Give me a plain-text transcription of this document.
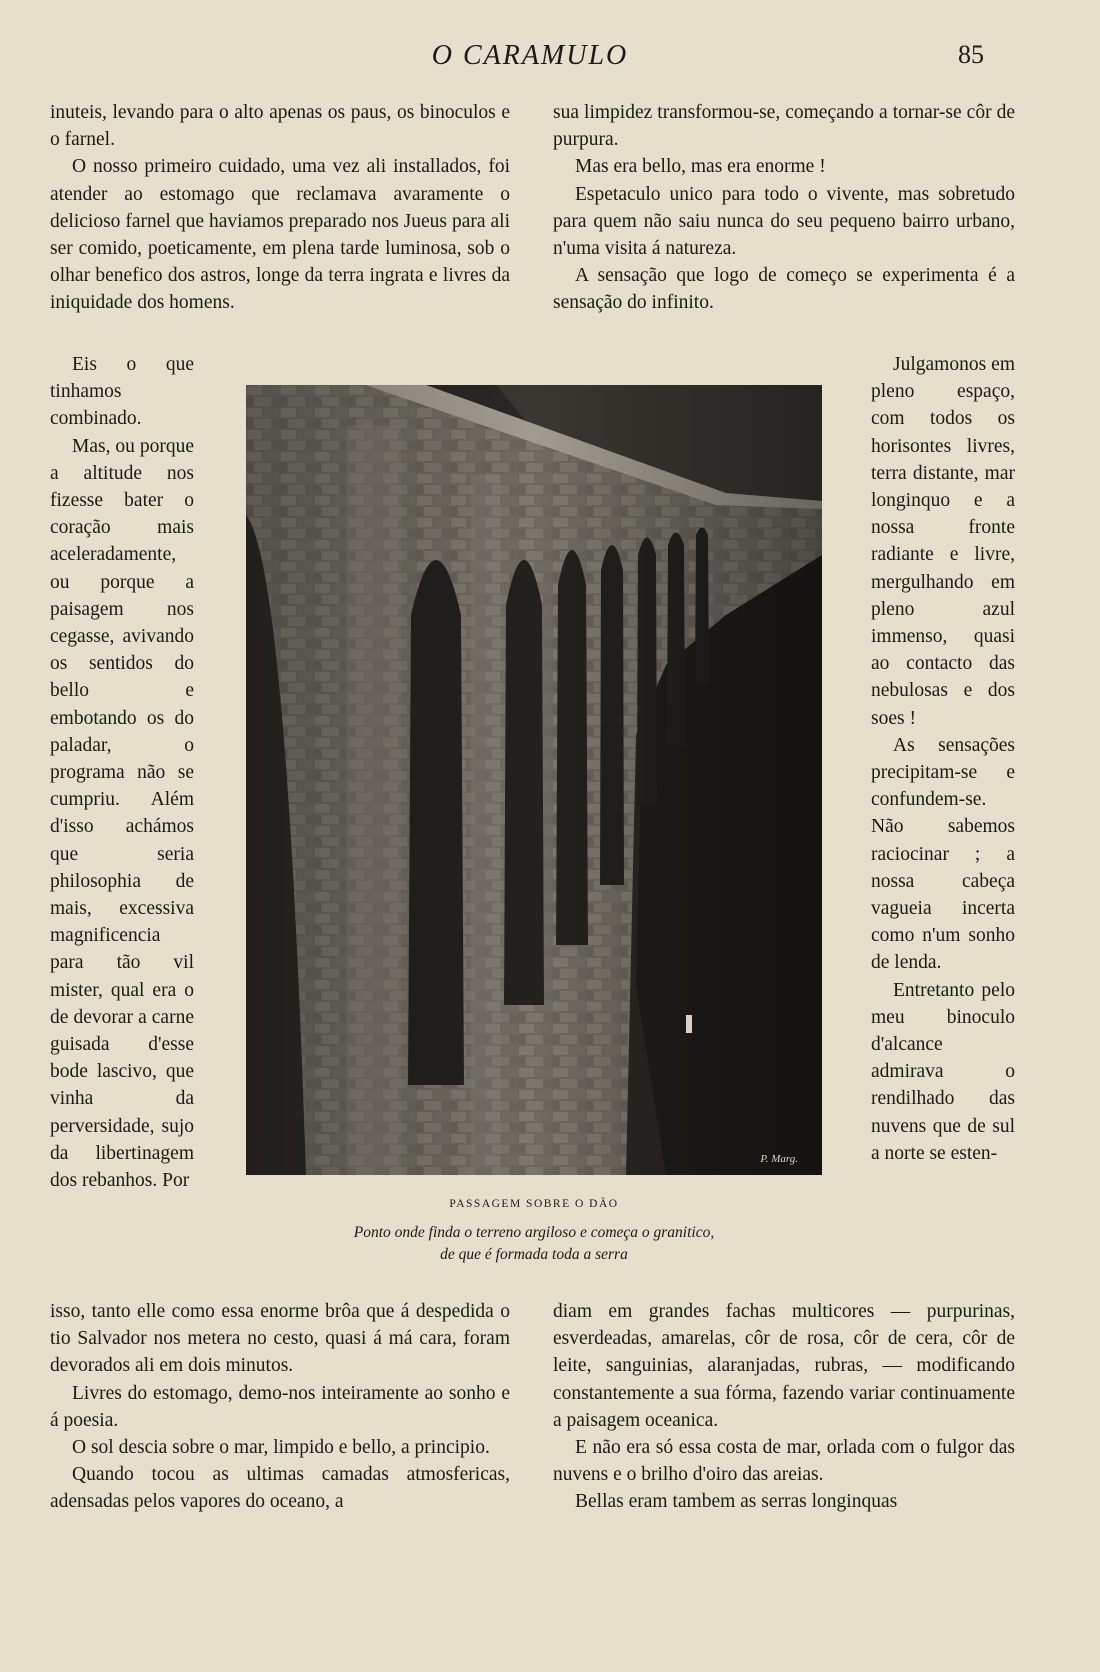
O CARAMULO	85

inuteis, levando para o alto apenas os paus, os binoculos e o farnel.

O nosso primeiro cuidado, uma vez ali installados, foi atender ao estomago que reclamava avaramente o delicioso farnel que haviamos preparado nos Jueus para ali ser comido, poeticamente, em plena tarde luminosa, sob o olhar benefico dos astros, longe da terra ingrata e livres da iniquidade dos homens.

Eis o que tinhamos combinado.

Mas, ou porque a altitude nos fizesse bater o coração mais aceleradamente, ou porque a paisagem nos cegasse, avivando os sentidos do bello e embotando os do paladar, o programa não se cumpriu. Além d'isso achámos que seria philosophia de mais, excessiva magnificencia para tão vil mister, qual era o de devorar a carne guisada d'esse bode lascivo, que vinha da perversidade, sujo da libertinagem dos rebanhos. Por

isso, tanto elle como essa enorme brôa que á despedida o tio Salvador nos metera no cesto, quasi á má cara, foram devorados ali em dois minutos.

Livres do estomago, demo-nos inteiramente ao sonho e á poesia.

O sol descia sobre o mar, limpido e bello, a principio.

Quando tocou as ultimas camadas atmosfericas, adensadas pelos vapores do oceano, a

sua limpidez transformou-se, começando a tornar-se côr de purpura.

Mas era bello, mas era enorme !

Espetaculo unico para todo o vivente, mas sobretudo para quem não saiu nunca do seu pequeno bairro urbano, n'uma visita á natureza.

A sensação que logo de começo se experimenta é a sensação do infinito.

Julgamonos em pleno espaço, com todos os horisontes livres, terra distante, mar longinquo e a nossa fronte radiante e livre, mergulhando em pleno azul immenso, quasi ao contacto das nebulosas e dos soes !

As sensações precipitam-se e confundem-se. Não sabemos raciocinar ; a nossa cabeça vagueia incerta como n'um sonho de lenda.

Entretanto pelo meu binoculo d'alcance admirava o rendilhado das nuvens que de sul a norte se esten-

diam em grandes fachas multicores — purpurinas, esverdeadas, amarelas, côr de rosa, côr de cera, côr de leite, sanguinias, alaranjadas, rubras, — modificando constantemente a sua fórma, fazendo variar continuamente a paisagem oceanica.

E não era só essa costa de mar, orlada com o fulgor das nuvens e o brilho d'oiro das areias.

Bellas eram tambem as serras longinquas

P. Marg.
PASSAGEM SOBRE O DÃO
Ponto onde finda o terreno argiloso e começa o granitico,
de que é formada toda a serra
